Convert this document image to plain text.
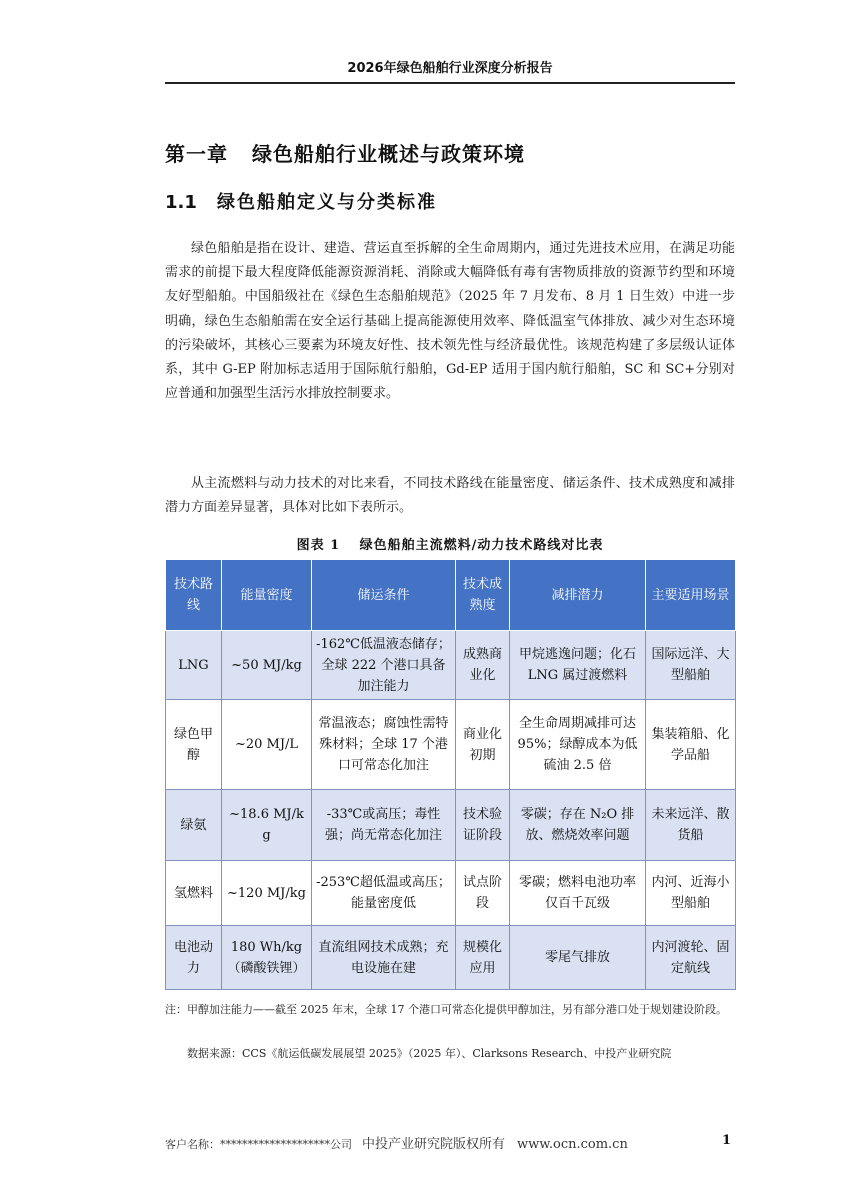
2026年绿色船舶行业深度分析报告
第一章 绿色船舶行业概述与政策环境
1.1 绿色船舶定义与分类标准

绿色船舶是指在设计、建造、营运直至拆解的全生命周期内，通过先进技术应用，在满足功能需求的前提下最大程度降低能源资源消耗、消除或大幅降低有毒有害物质排放的资源节约型和环境友好型船舶。中国船级社在《绿色生态船舶规范》（2025 年 7 月发布、8 月 1 日生效）中进一步明确，绿色生态船舶需在安全运行基础上提高能源使用效率、降低温室气体排放、减少对生态环境的污染破坏，其核心三要素为环境友好性、技术领先性与经济最优性。该规范构建了多层级认证体系，其中 G-EP 附加标志适用于国际航行船舶，Gd-EP 适用于国内航行船舶，SC 和 SC+分别对应普通和加强型生活污水排放控制要求。

从主流燃料与动力技术的对比来看，不同技术路线在能量密度、储运条件、技术成熟度和减排潜力方面差异显著，具体对比如下表所示。

图表 1　 绿色船舶主流燃料/动力技术路线对比表
技术路线	能量密度	储运条件	技术成熟度	减排潜力	主要适用场景
LNG	~50 MJ/kg	-162℃低温液态储存；全球 222 个港口具备加注能力	成熟商业化	甲烷逃逸问题；化石 LNG 属过渡燃料	国际远洋、大型船舶
绿色甲醇	~20 MJ/L	常温液态；腐蚀性需特殊材料；全球 17 个港口可常态化加注	商业化初期	全生命周期减排可达 95%；绿醇成本为低硫油 2.5 倍	集装箱船、化学品船
绿氨	~18.6 MJ/kg	-33℃或高压；毒性强；尚无常态化加注	技术验证阶段	零碳；存在 N₂O 排放、燃烧效率问题	未来远洋、散货船
氢燃料	~120 MJ/kg	-253℃超低温或高压；能量密度低	试点阶段	零碳；燃料电池功率仅百千瓦级	内河、近海小型船舶
电池动力	180 Wh/kg（磷酸铁锂）	直流组网技术成熟；充电设施在建	规模化应用	零尾气排放	内河渡轮、固定航线

注：甲醇加注能力——截至 2025 年末，全球 17 个港口可常态化提供甲醇加注，另有部分港口处于规划建设阶段。

数据来源：CCS《航运低碳发展展望 2025》（2025 年）、Clarksons Research、中投产业研究院
客户名称：********************公司 中投产业研究院版权所有 www.ocn.com.cn	1
